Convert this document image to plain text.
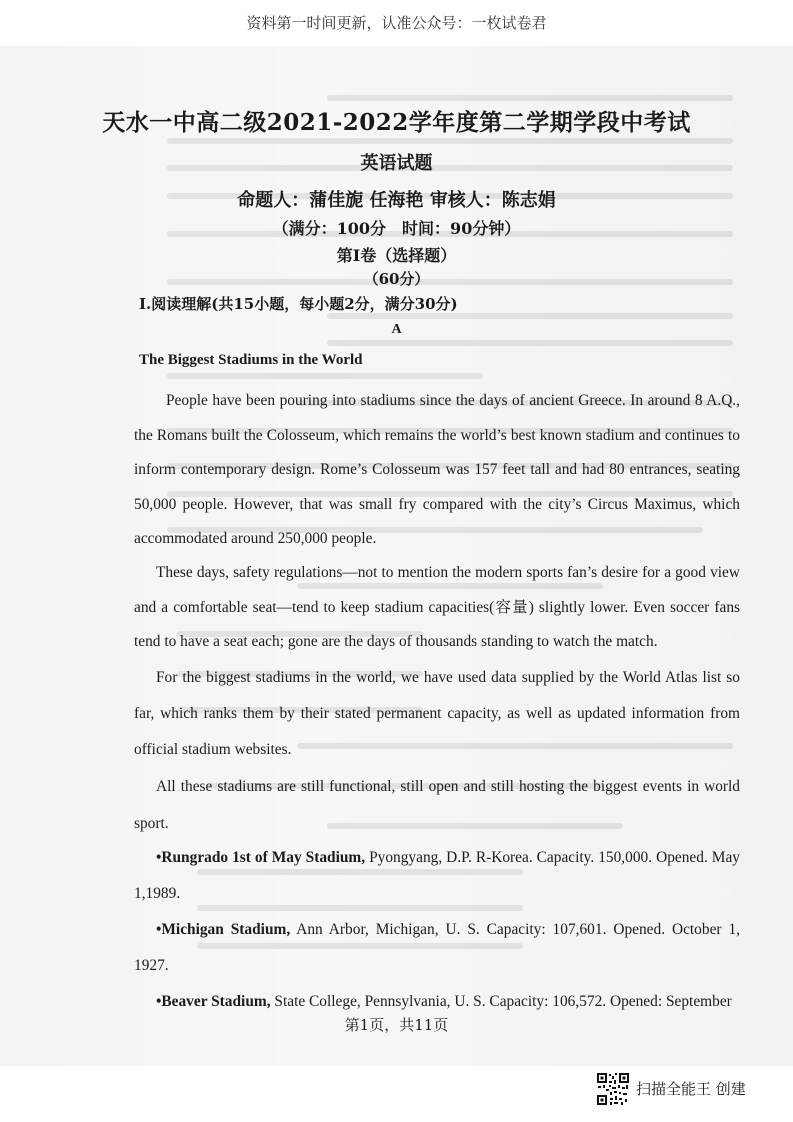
资料第一时间更新，认准公众号：一枚试卷君
天水一中高二级2021-2022学年度第二学期学段中考试
英语试题
命题人：蒲佳旎 任海艳 审核人：陈志娟
（满分：100分　时间：90分钟）
第Ⅰ卷（选择题）
（60分）
I.阅读理解(共15小题，每小题2分，满分30分)
A
The Biggest Stadiums in the World
People have been pouring into stadiums since the days of ancient Greece. In around 8 A.Q., the Romans built the Colosseum, which remains the world’s best known stadium and continues to inform contemporary design. Rome’s Colosseum was 157 feet tall and had 80 entrances, seating 50,000 people. However, that was small fry compared with the city’s Circus Maximus, which accommodated around 250,000 people.
These days, safety regulations—not to mention the modern sports fan’s desire for a good view and a comfortable seat—tend to keep stadium capacities(容量) slightly lower. Even soccer fans tend to have a seat each; gone are the days of thousands standing to watch the match.
For the biggest stadiums in the world, we have used data supplied by the World Atlas list so far, which ranks them by their stated permanent capacity, as well as updated information from official stadium websites.
All these stadiums are still functional, still open and still hosting the biggest events in world sport.
•Rungrado 1st of May Stadium, Pyongyang, D.P. R-Korea. Capacity. 150,000. Opened. May 1,1989.
•Michigan Stadium, Ann Arbor, Michigan, U. S. Capacity: 107,601. Opened. October 1, 1927.
•Beaver Stadium, State College, Pennsylvania, U. S. Capacity: 106,572. Opened: September
第1页，共11页
扫描全能王 创建
